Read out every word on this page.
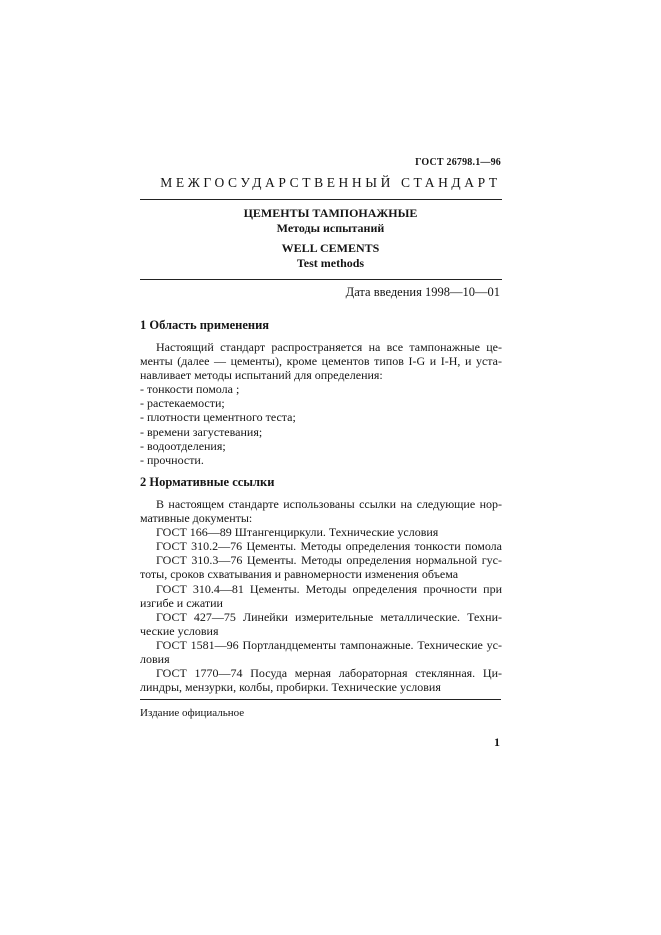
ГОСТ 26798.1—96
МЕЖГОСУДАРСТВЕННЫЙ СТАНДАРТ
ЦЕМЕНТЫ ТАМПОНАЖНЫЕ
Методы испытаний
WELL CEMENTS
Test methods
Дата введения 1998—10—01
1 Область применения
Настоящий стандарт распространяется на все тампонажные це-
менты (далее — цементы), кроме цементов типов I-G и I-H, и уста-
навливает методы испытаний для определения:
- тонкости помола ;
- растекаемости;
- плотности цементного теста;
- времени загустевания;
- водоотделения;
- прочности.
2 Нормативные ссылки
В настоящем стандарте использованы ссылки на следующие нор-
мативные документы:
ГОСТ 166—89 Штангенциркули. Технические условия
ГОСТ 310.2—76 Цементы. Методы определения тонкости помола
ГОСТ 310.3—76 Цементы. Методы определения нормальной гус-
тоты, сроков схватывания и равномерности изменения объема
ГОСТ 310.4—81 Цементы. Методы определения прочности при
изгибе и сжатии
ГОСТ 427—75 Линейки измерительные металлические. Техни-
ческие условия
ГОСТ 1581—96 Портландцементы тампонажные. Технические ус-
ловия
ГОСТ 1770—74 Посуда мерная лабораторная стеклянная. Ци-
линдры, мензурки, колбы, пробирки. Технические условия
Издание официальное
1
